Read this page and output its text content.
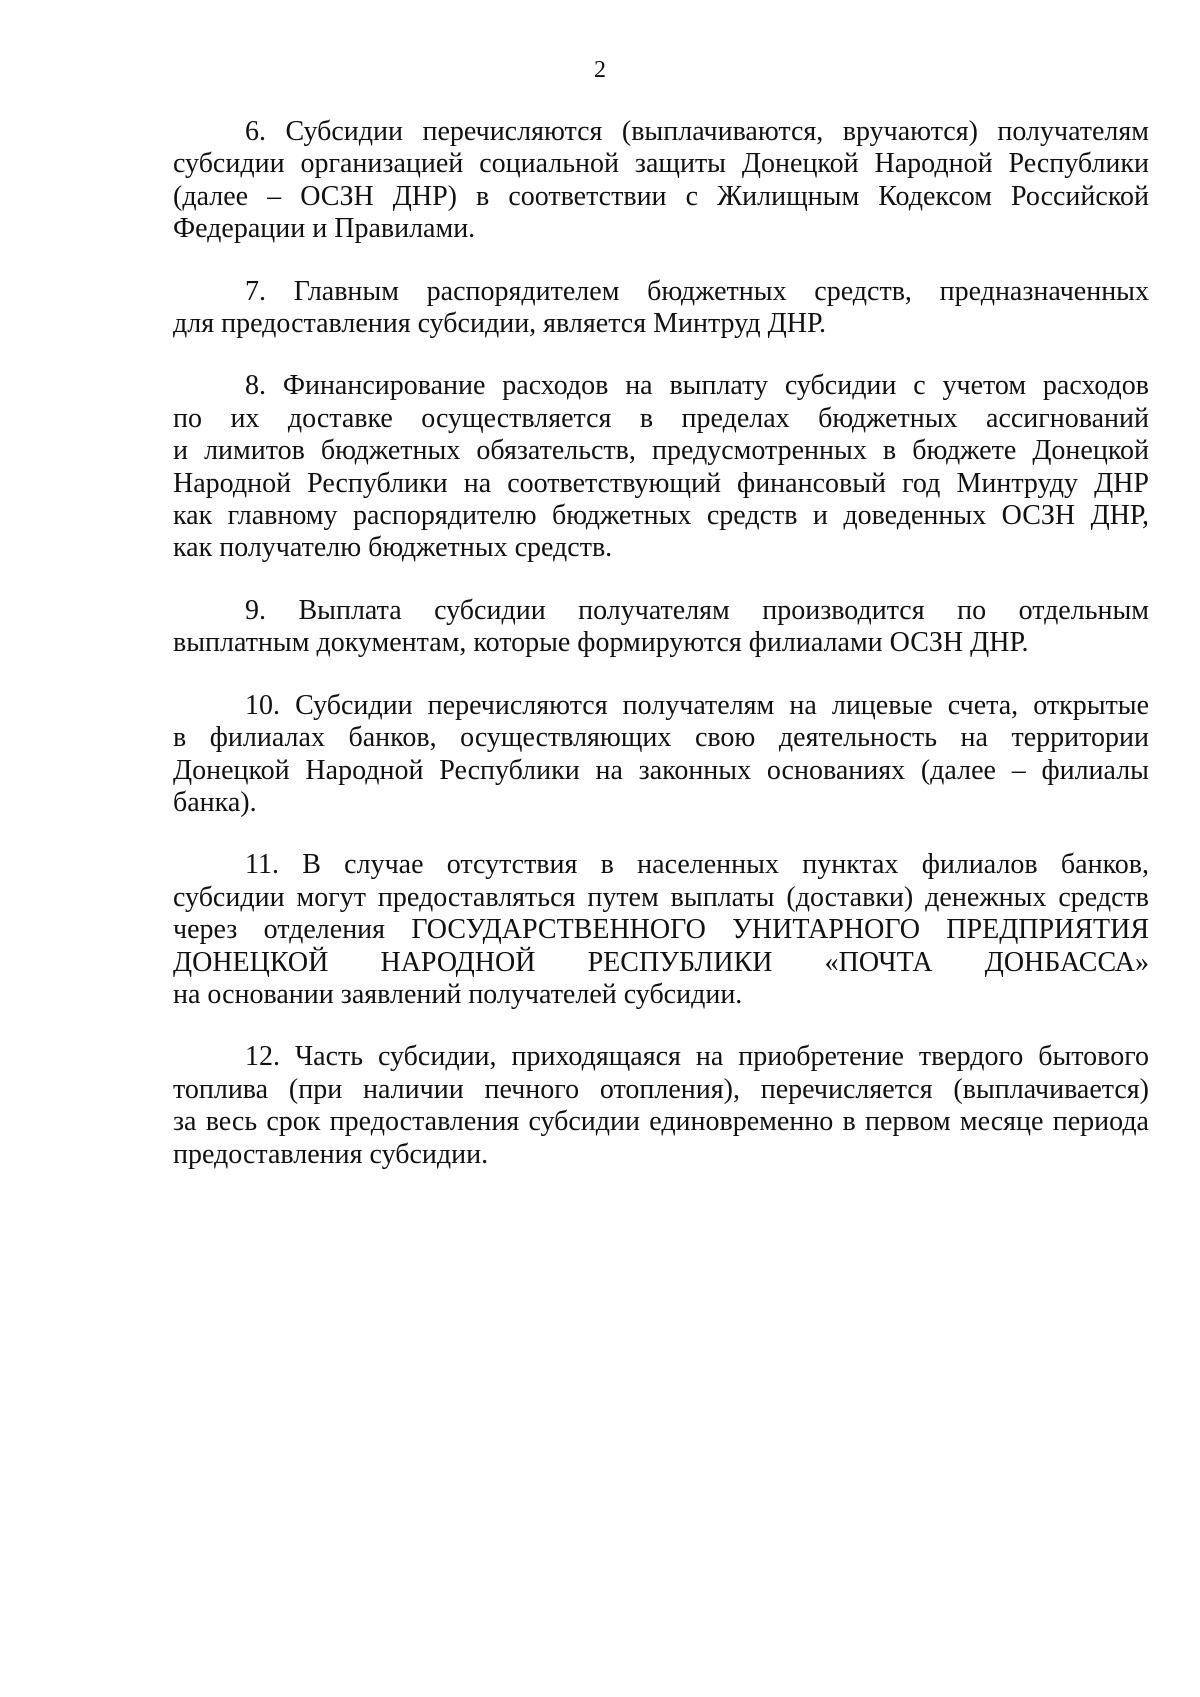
2

6. Субсидии перечисляются (выплачиваются, вручаются) получателям
субсидии организацией социальной защиты Донецкой Народной Республики
(далее – ОСЗН ДНР) в соответствии с Жилищным Кодексом Российской
Федерации и Правилами.

7. Главным распорядителем бюджетных средств, предназначенных
для предоставления субсидии, является Минтруд ДНР.

8. Финансирование расходов на выплату субсидии с учетом расходов
по их доставке осуществляется в пределах бюджетных ассигнований
и лимитов бюджетных обязательств, предусмотренных в бюджете Донецкой
Народной Республики на соответствующий финансовый год Минтруду ДНР
как главному распорядителю бюджетных средств и доведенных ОСЗН ДНР,
как получателю бюджетных средств.

9. Выплата субсидии получателям производится по отдельным
выплатным документам, которые формируются филиалами ОСЗН ДНР.

10. Субсидии перечисляются получателям на лицевые счета, открытые
в филиалах банков, осуществляющих свою деятельность на территории
Донецкой Народной Республики на законных основаниях (далее – филиалы
банка).

11. В случае отсутствия в населенных пунктах филиалов банков,
субсидии могут предоставляться путем выплаты (доставки) денежных средств
через отделения ГОСУДАРСТВЕННОГО УНИТАРНОГО ПРЕДПРИЯТИЯ
ДОНЕЦКОЙ НАРОДНОЙ РЕСПУБЛИКИ «ПОЧТА ДОНБАССА»
на основании заявлений получателей субсидии.

12. Часть субсидии, приходящаяся на приобретение твердого бытового
топлива (при наличии печного отопления), перечисляется (выплачивается)
за весь срок предоставления субсидии единовременно в первом месяце периода
предоставления субсидии.
